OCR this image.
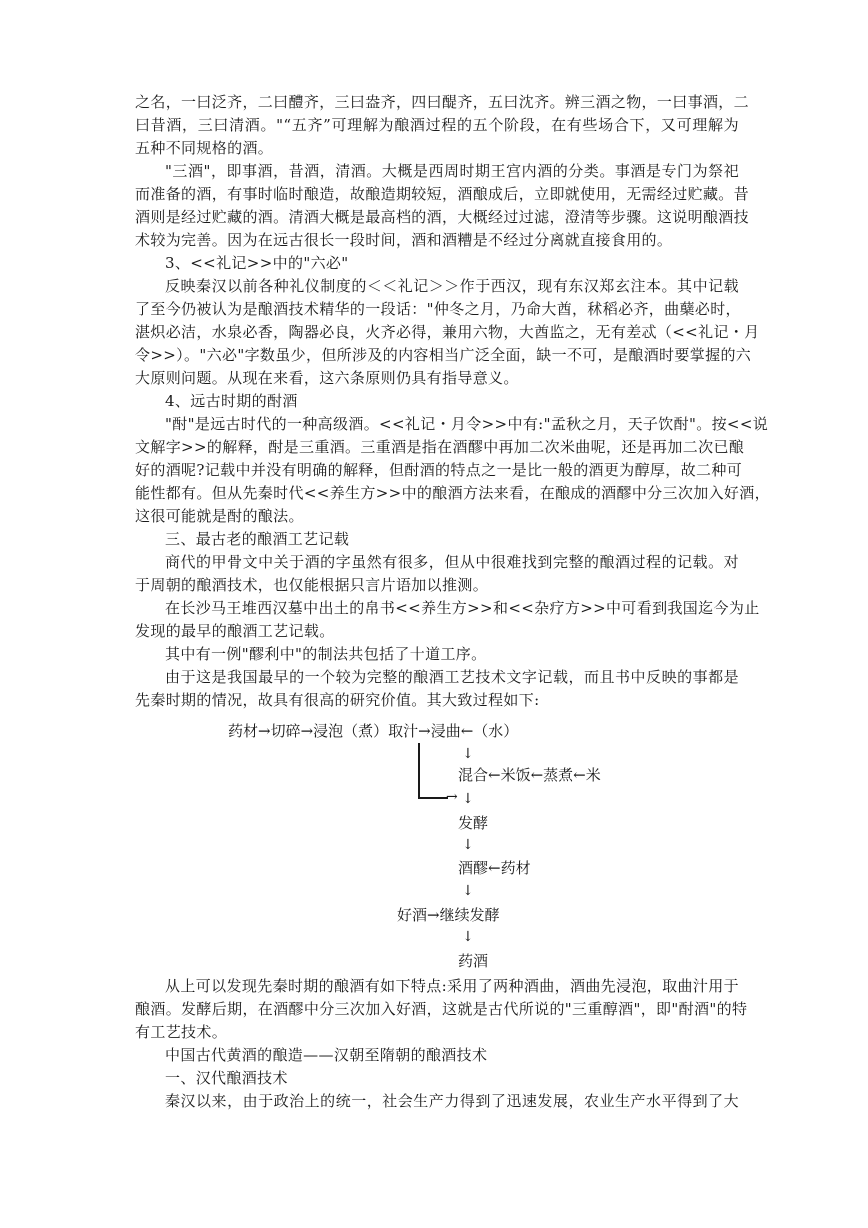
之名，一曰泛齐，二曰醴齐，三曰盎齐，四曰醍齐，五曰沈齐。辨三酒之物，一曰事酒，二
曰昔酒，三曰清酒。"“五齐”可理解为酿酒过程的五个阶段，在有些场合下，又可理解为
五种不同规格的酒。
"三酒"，即事酒，昔酒，清酒。大概是西周时期王宫内酒的分类。事酒是专门为祭祀
而准备的酒，有事时临时酿造，故酿造期较短，酒酿成后，立即就使用，无需经过贮藏。昔
酒则是经过贮藏的酒。清酒大概是最高档的酒，大概经过过滤，澄清等步骤。这说明酿酒技
术较为完善。因为在远古很长一段时间，酒和酒糟是不经过分离就直接食用的。
3、<<礼记>>中的"六必"
反映秦汉以前各种礼仪制度的＜＜礼记＞＞作于西汉，现有东汉郑玄注本。其中记载
了至今仍被认为是酿酒技术精华的一段话："仲冬之月，乃命大酋，秫稻必齐，曲蘖必时，
湛炽必洁，水泉必香，陶器必良，火齐必得，兼用六物，大酋监之，无有差忒（<<礼记・月
令>>）。"六必"字数虽少，但所涉及的内容相当广泛全面，缺一不可，是酿酒时要掌握的六
大原则问题。从现在来看，这六条原则仍具有指导意义。
4、远古时期的酎酒
"酎"是远古时代的一种高级酒。<<礼记・月令>>中有:"孟秋之月，天子饮酎"。按<<说
文解字>>的解释，酎是三重酒。三重酒是指在酒醪中再加二次米曲呢，还是再加二次已酿
好的酒呢?记载中并没有明确的解释，但酎酒的特点之一是比一般的酒更为醇厚，故二种可
能性都有。但从先秦时代<<养生方>>中的酿酒方法来看，在酿成的酒醪中分三次加入好酒，
这很可能就是酎的酿法。
三、最古老的酿酒工艺记载
商代的甲骨文中关于酒的字虽然有很多，但从中很难找到完整的酿酒过程的记载。对
于周朝的酿酒技术，也仅能根据只言片语加以推测。
在长沙马王堆西汉墓中出土的帛书<<养生方>>和<<杂疗方>>中可看到我国迄今为止
发现的最早的酿酒工艺记载。
其中有一例"醪利中"的制法共包括了十道工序。
由于这是我国最早的一个较为完整的酿酒工艺技术文字记载，而且书中反映的事都是
先秦时期的情况，故具有很高的研究价值。其大致过程如下:
药材→切碎→浸泡（煮）取汁→浸曲←（水）
→
↓
混合←米饭←蒸煮←米
↓
发酵
↓
酒醪←药材
↓
好酒→继续发酵
↓
药酒
从上可以发现先秦时期的酿酒有如下特点:采用了两种酒曲，酒曲先浸泡，取曲汁用于
酿酒。发酵后期，在酒醪中分三次加入好酒，这就是古代所说的"三重醇酒"，即"酎酒"的特
有工艺技术。
中国古代黄酒的酿造——汉朝至隋朝的酿酒技术
一、汉代酿酒技术
秦汉以来，由于政治上的统一，社会生产力得到了迅速发展，农业生产水平得到了大
